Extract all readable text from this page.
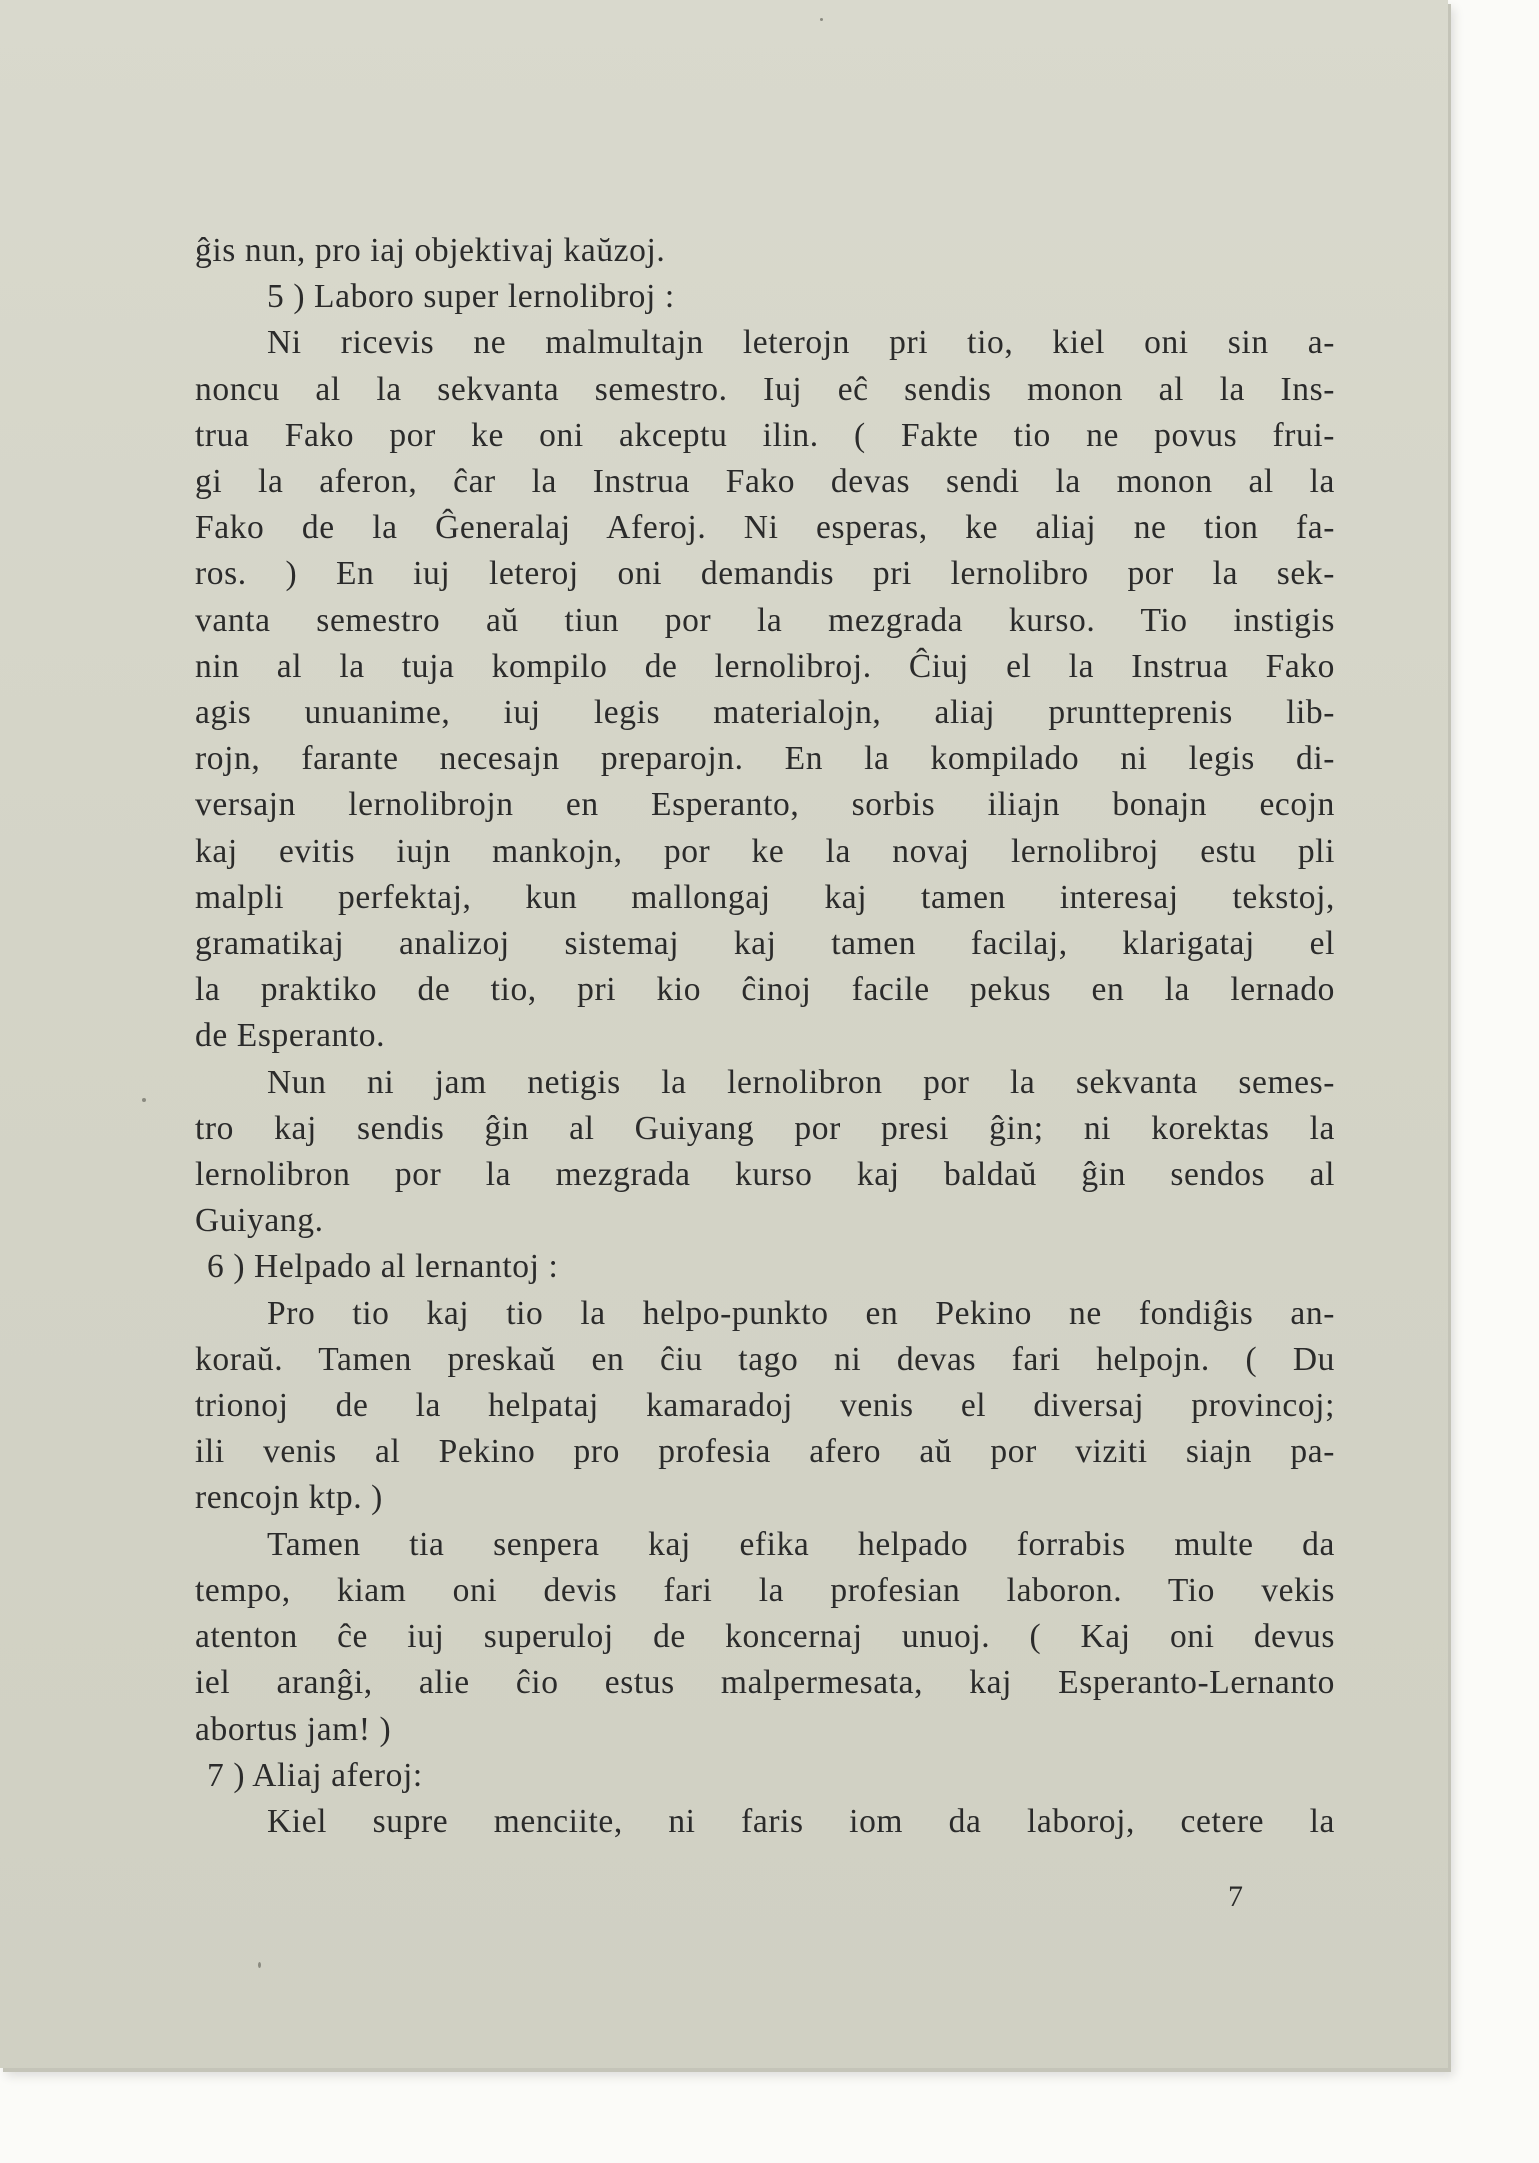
ĝis nun, pro iaj objektivaj kaŭzoj.
5 ) Laboro super lernolibroj :
Ni ricevis ne malmultajn leterojn pri tio, kiel oni sin a-
noncu al la sekvanta semestro. Iuj eĉ sendis monon al la Ins-
trua Fako por ke oni akceptu ilin. ( Fakte tio ne povus frui-
gi la aferon, ĉar la Instrua Fako devas sendi la monon al la
Fako de la Ĝeneralaj Aferoj. Ni esperas, ke aliaj ne tion fa-
ros. ) En iuj leteroj oni demandis pri lernolibro por la sek-
vanta semestro aŭ tiun por la mezgrada kurso. Tio instigis
nin al la tuja kompilo de lernolibroj. Ĉiuj el la Instrua Fako
agis unuanime, iuj legis materialojn, aliaj pruntteprenis lib-
rojn, farante necesajn preparojn. En la kompilado ni legis di-
versajn lernolibrojn en Esperanto, sorbis iliajn bonajn ecojn
kaj evitis iujn mankojn, por ke la novaj lernolibroj estu pli
malpli perfektaj, kun mallongaj kaj tamen interesaj tekstoj,
gramatikaj analizoj sistemaj kaj tamen facilaj, klarigataj el
la praktiko de tio, pri kio ĉinoj facile pekus en la lernado
de Esperanto.
Nun ni jam netigis la lernolibron por la sekvanta semes-
tro kaj sendis ĝin al Guiyang por presi ĝin; ni korektas la
lernolibron por la mezgrada kurso kaj baldaŭ ĝin sendos al
Guiyang.
6 ) Helpado al lernantoj :
Pro tio kaj tio la helpo-punkto en Pekino ne fondiĝis an-
koraŭ. Tamen preskaŭ en ĉiu tago ni devas fari helpojn. ( Du
trionoj de la helpataj kamaradoj venis el diversaj provincoj;
ili venis al Pekino pro profesia afero aŭ por viziti siajn pa-
rencojn ktp. )
Tamen tia senpera kaj efika helpado forrabis multe da
tempo, kiam oni devis fari la profesian laboron. Tio vekis
atenton ĉe iuj superuloj de koncernaj unuoj. ( Kaj oni devus
iel aranĝi, alie ĉio estus malpermesata, kaj Esperanto-Lernanto
abortus jam! )
7 ) Aliaj aferoj:
Kiel supre menciite, ni faris iom da laboroj, cetere la
7
